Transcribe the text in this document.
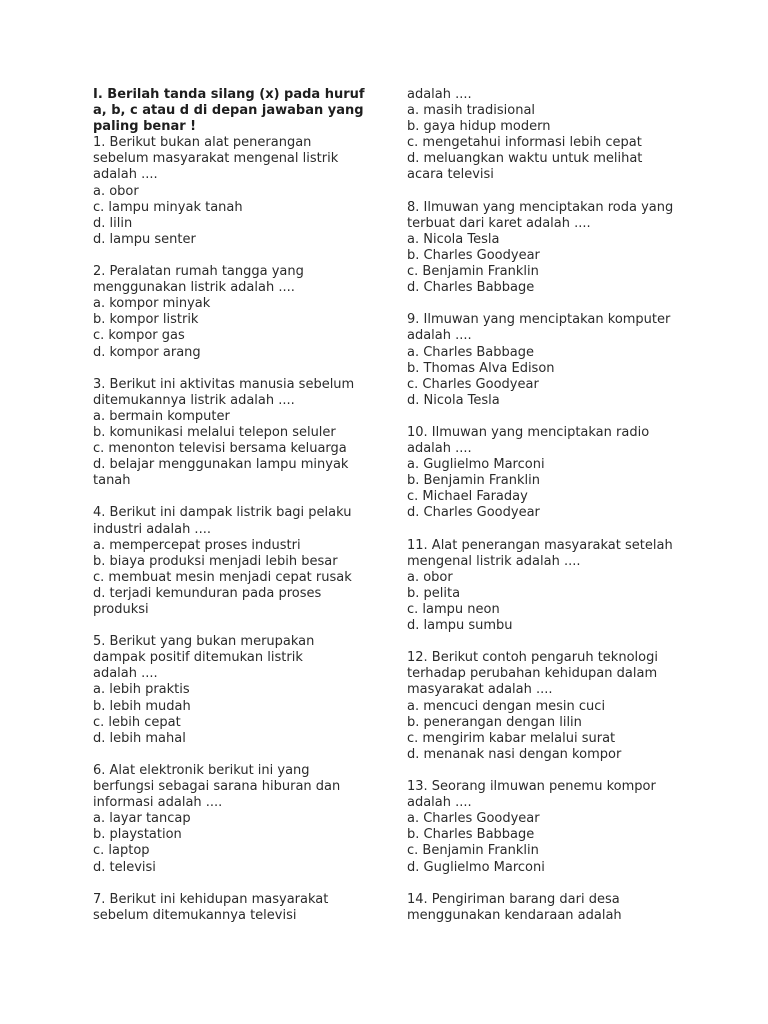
I. Berilah tanda silang (x) pada huruf
a, b, c atau d di depan jawaban yang
paling benar !
1. Berikut bukan alat penerangan
sebelum masyarakat mengenal listrik
adalah ....
a. obor
c. lampu minyak tanah
d. lilin
d. lampu senter
2. Peralatan rumah tangga yang
menggunakan listrik adalah ....
a. kompor minyak
b. kompor listrik
c. kompor gas
d. kompor arang
3. Berikut ini aktivitas manusia sebelum
ditemukannya listrik adalah ....
a. bermain komputer
b. komunikasi melalui telepon seluler
c. menonton televisi bersama keluarga
d. belajar menggunakan lampu minyak
tanah
4. Berikut ini dampak listrik bagi pelaku
industri adalah ....
a. mempercepat proses industri
b. biaya produksi menjadi lebih besar
c. membuat mesin menjadi cepat rusak
d. terjadi kemunduran pada proses
produksi
5. Berikut yang bukan merupakan
dampak positif ditemukan listrik
adalah ....
a. lebih praktis
b. lebih mudah
c. lebih cepat
d. lebih mahal
6. Alat elektronik berikut ini yang
berfungsi sebagai sarana hiburan dan
informasi adalah ....
a. layar tancap
b. playstation
c. laptop
d. televisi
7. Berikut ini kehidupan masyarakat
sebelum ditemukannya televisi
adalah ....
a. masih tradisional
b. gaya hidup modern
c. mengetahui informasi lebih cepat
d. meluangkan waktu untuk melihat
acara televisi
8. Ilmuwan yang menciptakan roda yang
terbuat dari karet adalah ....
a. Nicola Tesla
b. Charles Goodyear
c. Benjamin Franklin
d. Charles Babbage
9. Ilmuwan yang menciptakan komputer
adalah ....
a. Charles Babbage
b. Thomas Alva Edison
c. Charles Goodyear
d. Nicola Tesla
10. Ilmuwan yang menciptakan radio
adalah ....
a. Guglielmo Marconi
b. Benjamin Franklin
c. Michael Faraday
d. Charles Goodyear
11. Alat penerangan masyarakat setelah
mengenal listrik adalah ....
a. obor
b. pelita
c. lampu neon
d. lampu sumbu
12. Berikut contoh pengaruh teknologi
terhadap perubahan kehidupan dalam
masyarakat adalah ....
a. mencuci dengan mesin cuci
b. penerangan dengan lilin
c. mengirim kabar melalui surat
d. menanak nasi dengan kompor
13. Seorang ilmuwan penemu kompor
adalah ....
a. Charles Goodyear
b. Charles Babbage
c. Benjamin Franklin
d. Guglielmo Marconi
14. Pengiriman barang dari desa
menggunakan kendaraan adalah
